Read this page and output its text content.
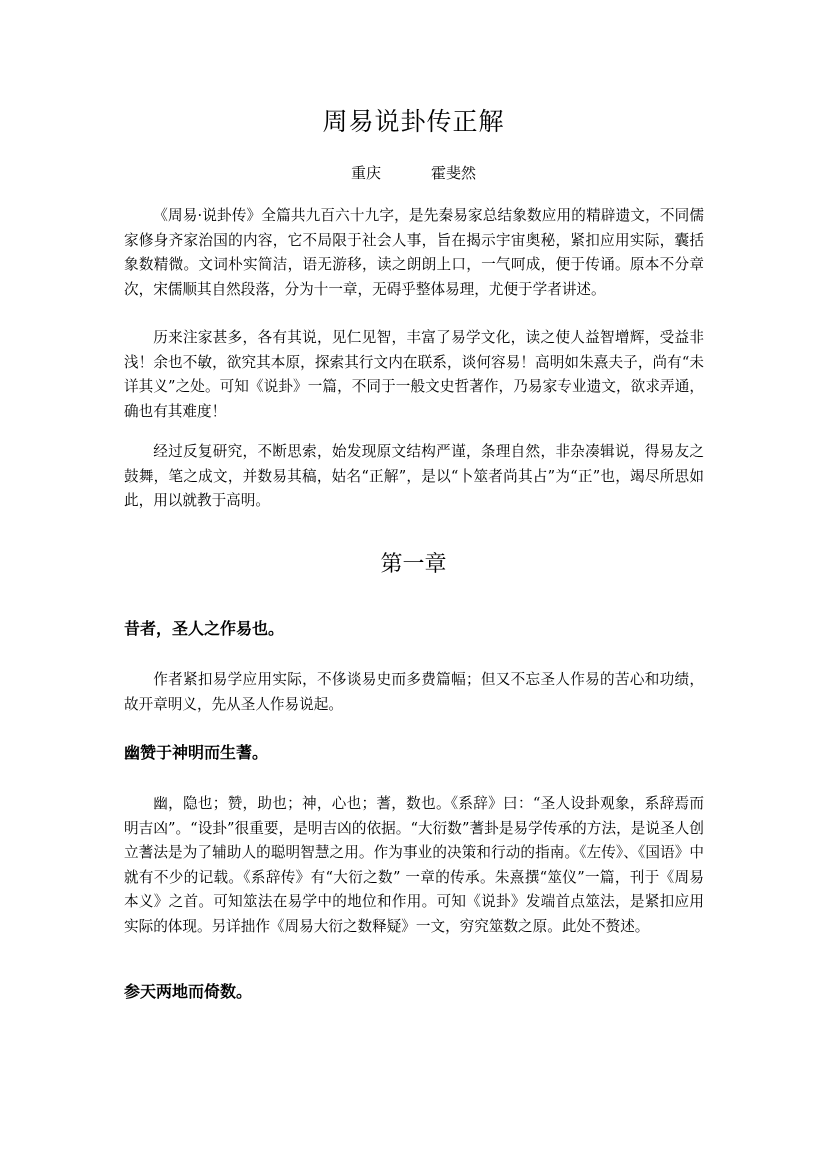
周易说卦传正解
重庆	霍斐然

《周易·说卦传》全篇共九百六十九字，是先秦易家总结象数应用的精辟遗文，不同儒家修身齐家治国的内容，它不局限于社会人事，旨在揭示宇宙奥秘，紧扣应用实际，囊括象数精微。文词朴实简洁，语无游移，读之朗朗上口，一气呵成，便于传诵。原本不分章次，宋儒顺其自然段落，分为十一章，无碍乎整体易理，尤便于学者讲述。

历来注家甚多，各有其说，见仁见智，丰富了易学文化，读之使人益智增辉，受益非浅！余也不敏，欲究其本原，探索其行文内在联系，谈何容易！高明如朱熹夫子，尚有“未详其义”之处。可知《说卦》一篇，不同于一般文史哲著作，乃易家专业遗文，欲求弄通，确也有其难度！

经过反复研究，不断思索，始发现原文结构严谨，条理自然，非杂凑辑说，得易友之鼓舞，笔之成文，并数易其稿，姑名“正解”，是以“卜筮者尚其占”为“正”也，竭尽所思如此，用以就教于高明。

第一章

昔者，圣人之作易也。

作者紧扣易学应用实际，不侈谈易史而多费篇幅；但又不忘圣人作易的苦心和功绩，故开章明义，先从圣人作易说起。

幽赞于神明而生蓍。

幽，隐也；赞，助也；神，心也；蓍，数也。《系辞》曰：“圣人设卦观象，系辞焉而明吉凶”。“设卦”很重要，是明吉凶的依据。“大衍数”蓍卦是易学传承的方法，是说圣人创立蓍法是为了辅助人的聪明智慧之用。作为事业的决策和行动的指南。《左传》、《国语》中就有不少的记载。《系辞传》有“大衍之数” 一章的传承。朱熹撰“筮仪”一篇，刊于《周易本义》之首。可知筮法在易学中的地位和作用。可知《说卦》发端首点筮法，是紧扣应用实际的体现。另详拙作《周易大衍之数释疑》一文，穷究筮数之原。此处不赘述。

参天两地而倚数。
